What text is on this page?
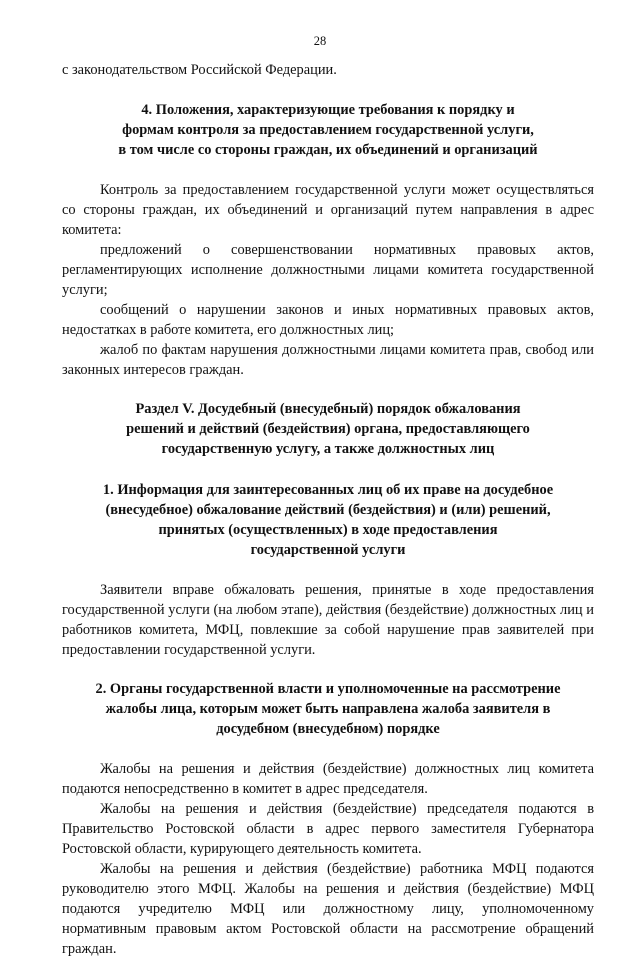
28

с законодательством Российской Федерации.

4. Положения, характеризующие требования к порядку и
формам контроля за предоставлением государственной услуги,
в том числе со стороны граждан, их объединений и организаций

Контроль за предоставлением государственной услуги может осуществляться со стороны граждан, их объединений и организаций путем направления в адрес комитета:

предложений о совершенствовании нормативных правовых актов, регламентирующих исполнение должностными лицами комитета государственной услуги;

сообщений о нарушении законов и иных нормативных правовых актов, недостатках в работе комитета, его должностных лиц;

жалоб по фактам нарушения должностными лицами комитета прав, свобод или законных интересов граждан.

Раздел V. Досудебный (внесудебный) порядок обжалования
решений и действий (бездействия) органа, предоставляющего
государственную услугу, а также должностных лиц
1. Информация для заинтересованных лиц об их праве на досудебное
(внесудебное) обжалование действий (бездействия) и (или) решений,
принятых (осуществленных) в ходе предоставления
государственной услуги

Заявители вправе обжаловать решения, принятые в ходе предоставления государственной услуги (на любом этапе), действия (бездействие) должностных лиц и работников комитета, МФЦ, повлекшие за собой нарушение прав заявителей при предоставлении государственной услуги.

2. Органы государственной власти и уполномоченные на рассмотрение
жалобы лица, которым может быть направлена жалоба заявителя в
досудебном (внесудебном) порядке

Жалобы на решения и действия (бездействие) должностных лиц комитета подаются непосредственно в комитет в адрес председателя.

Жалобы на решения и действия (бездействие) председателя подаются в Правительство Ростовской области в адрес первого заместителя Губернатора Ростовской области, курирующего деятельность комитета.

Жалобы на решения и действия (бездействие) работника МФЦ подаются руководителю этого МФЦ. Жалобы на решения и действия (бездействие) МФЦ подаются учредителю МФЦ или должностному лицу, уполномоченному нормативным правовым актом Ростовской области на рассмотрение обращений граждан.
